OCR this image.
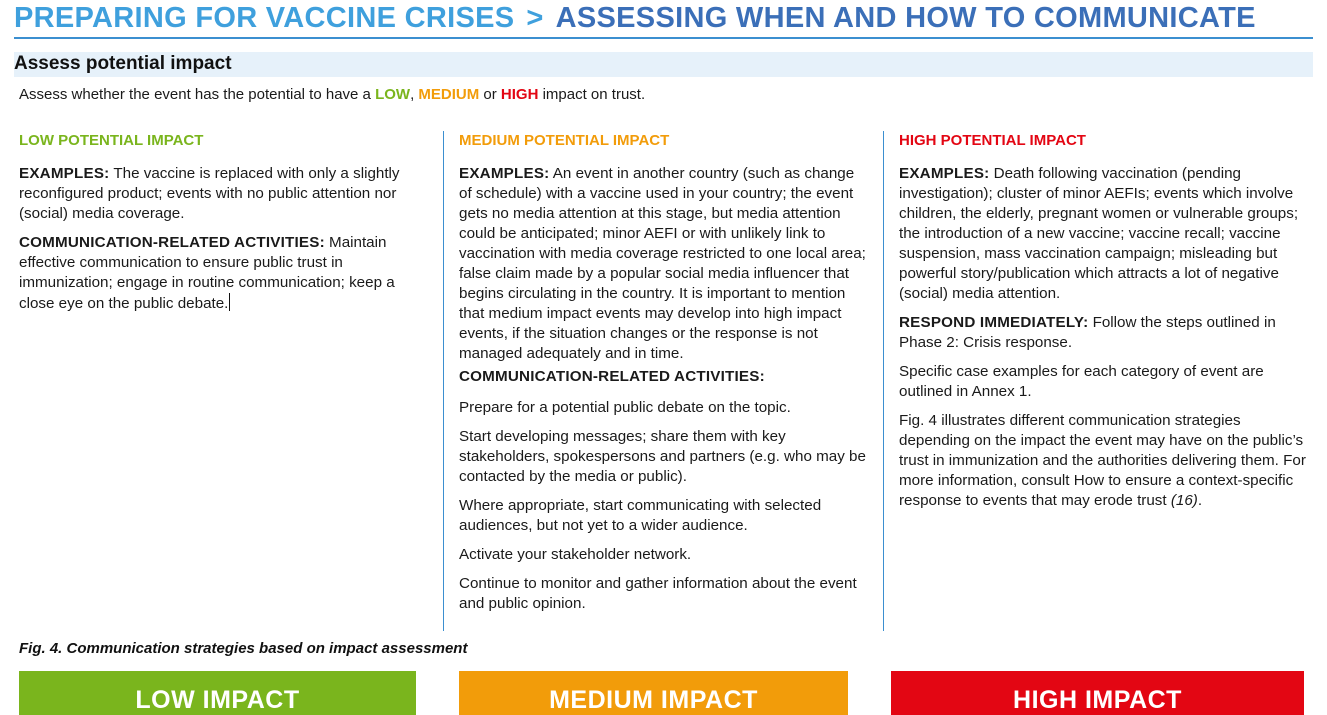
PREPARING FOR VACCINE CRISES > ASSESSING WHEN AND HOW TO COMMUNICATE
Assess potential impact
Assess whether the event has the potential to have a LOW, MEDIUM or HIGH impact on trust.
LOW POTENTIAL IMPACT

EXAMPLES: The vaccine is replaced with only a slightly reconfigured product; events with no public attention nor (social) media coverage.

COMMUNICATION-RELATED ACTIVITIES: Maintain effective communication to ensure public trust in immunization; engage in routine communication; keep a close eye on the public debate.

MEDIUM POTENTIAL IMPACT

EXAMPLES: An event in another country (such as change of schedule) with a vaccine used in your country; the event gets no media attention at this stage, but media attention could be anticipated; minor AEFI or with unlikely link to vaccination with media coverage restricted to one local area; false claim made by a popular social media influencer that begins circulating in the country. It is important to mention that medium impact events may develop into high impact events, if the situation changes or the response is not managed adequately and in time.

COMMUNICATION-RELATED ACTIVITIES:

Prepare for a potential public debate on the topic.

Start developing messages; share them with key stakeholders, spokespersons and partners (e.g. who may be contacted by the media or public).

Where appropriate, start communicating with selected audiences, but not yet to a wider audience.

Activate your stakeholder network.

Continue to monitor and gather information about the event and public opinion.

HIGH POTENTIAL IMPACT

EXAMPLES: Death following vaccination (pending investigation); cluster of minor AEFIs; events which involve children, the elderly, pregnant women or vulnerable groups; the introduction of a new vaccine; vaccine recall; vaccine suspension, mass vaccination campaign; misleading but powerful story/publication which attracts a lot of negative (social) media attention.

RESPOND IMMEDIATELY: Follow the steps outlined in Phase 2: Crisis response.

Specific case examples for each category of event are outlined in Annex 1.

Fig. 4 illustrates different communication strategies depending on the impact the event may have on the public’s trust in immunization and the authorities delivering them. For more information, consult How to ensure a context-specific response to events that may erode trust (16).

Fig. 4. Communication strategies based on impact assessment
LOW IMPACT	MEDIUM IMPACT	HIGH IMPACT
